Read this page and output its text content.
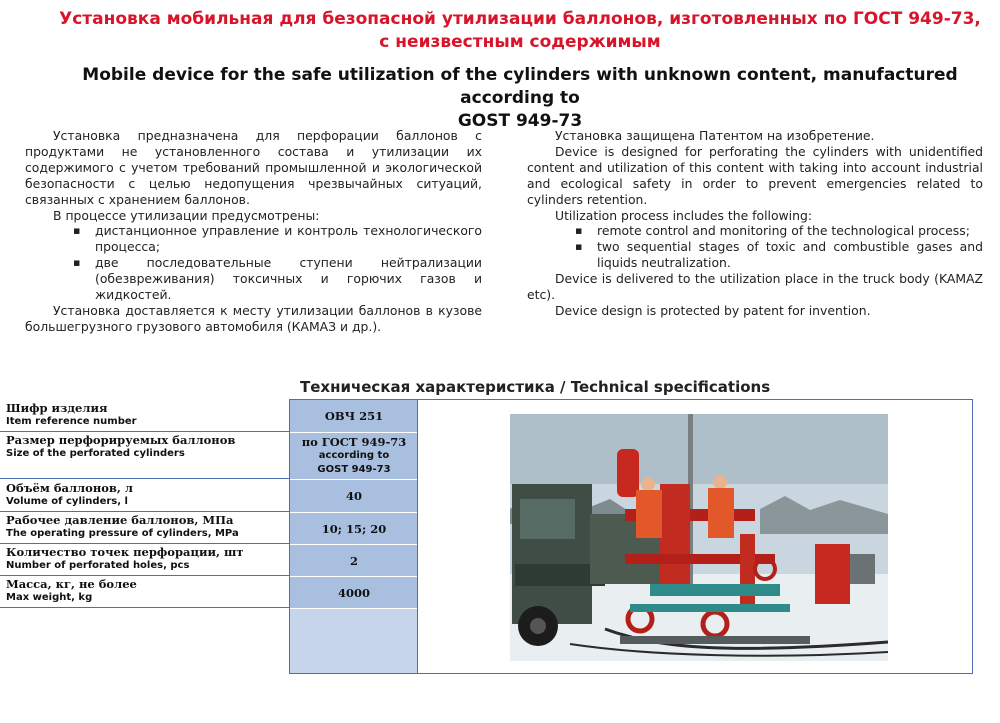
Установка мобильная для безопасной утилизации баллонов, изготовленных по ГОСТ 949-73,
с неизвестным содержимым
Mobile device for the safe utilization of the cylinders with unknown content, manufactured according to
GOST 949-73

Установка предназначена для перфорации баллонов с продуктами не установленного состава и утилизации их содержимого с учетом требований промышленной и экологической безопасности с целью недопущения чрезвычайных ситуаций, связанных с хранением баллонов.

В процессе утилизации предусмотрены:

▪ дистанционное управление и контроль технологического процесса;
▪ две последовательные ступени нейтрализации (обезвреживания) токсичных и горючих газов и жидкостей.

Установка доставляется к месту утилизации баллонов в кузове большегрузного грузового автомобиля (КАМАЗ и др.).

Установка защищена Патентом на изобретение.

Device is designed for perforating the cylinders with unidentified content and utilization of this content with taking into account industrial and ecological safety in order to prevent emergencies related to cylinders retention.

Utilization process includes the following:

▪ remote control and monitoring of the technological process;
▪ two sequential stages of toxic and combustible gases and liquids neutralization.

Device is delivered to the utilization place in the truck body (KAMAZ etc).

Device design is protected by patent for invention.

Техническая характеристика / Technical specifications
Шифр изделия
Item reference number
Размер перфорируемых баллонов
Size of the perforated cylinders
Объём баллонов, л
Volume of cylinders, l
Рабочее давление баллонов, МПа
The operating pressure of cylinders, MPa
Количество точек перфорации, шт
Number of perforated holes, pcs
Масса, кг, не более
Max weight, kg
ОВЧ 251
по ГОСТ 949-73
according to
GOST 949-73
40
10; 15; 20
2
4000
